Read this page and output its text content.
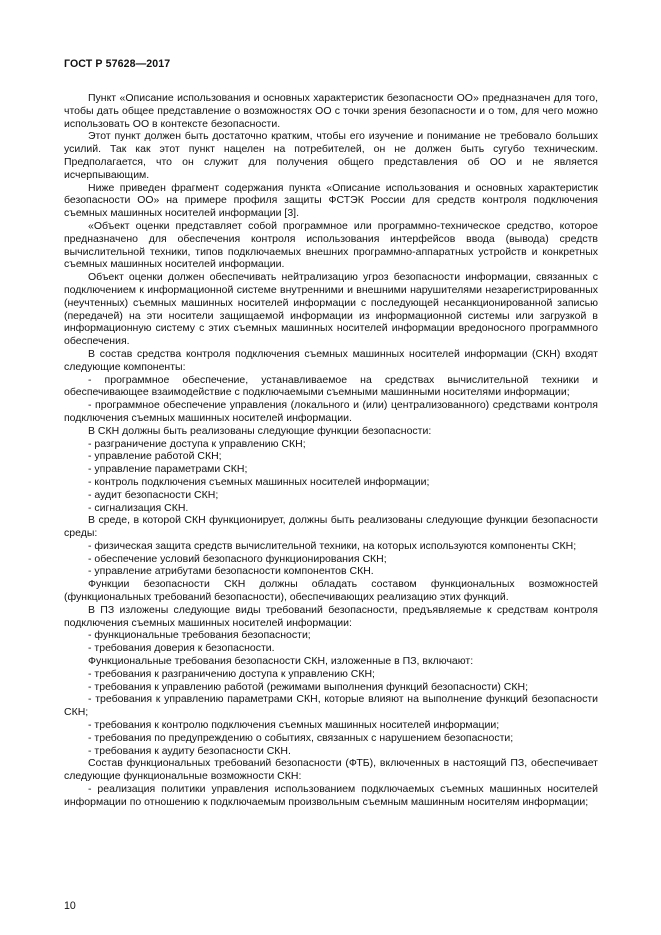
ГОСТ Р 57628—2017

Пункт «Описание использования и основных характеристик безопасности ОО» предназначен для того, чтобы дать общее представление о возможностях ОО с точки зрения безопасности и о том, для чего можно использовать ОО в контексте безопасности.

Этот пункт должен быть достаточно кратким, чтобы его изучение и понимание не требовало больших усилий. Так как этот пункт нацелен на потребителей, он не должен быть сугубо техническим. Предполагается, что он служит для получения общего представления об ОО и не является исчерпывающим.

Ниже приведен фрагмент содержания пункта «Описание использования и основных характеристик безопасности ОО» на примере профиля защиты ФСТЭК России для средств контроля подключения съемных машинных носителей информации [3].

«Объект оценки представляет собой программное или программно-техническое средство, которое предназначено для обеспечения контроля использования интерфейсов ввода (вывода) средств вычислительной техники, типов подключаемых внешних программно-аппаратных устройств и конкретных съемных машинных носителей информации.

Объект оценки должен обеспечивать нейтрализацию угроз безопасности информации, связанных с подключением к информационной системе внутренними и внешними нарушителями незарегистрированных (неучтенных) съемных машинных носителей информации с последующей несанкционированной записью (передачей) на эти носители защищаемой информации из информационной системы или загрузкой в информационную систему с этих съемных машинных носителей информации вредоносного программного обеспечения.

В состав средства контроля подключения съемных машинных носителей информации (СКН) входят следующие компоненты:

- программное обеспечение, устанавливаемое на средствах вычислительной техники и обеспечивающее взаимодействие с подключаемыми съемными машинными носителями информации;

- программное обеспечение управления (локального и (или) централизованного) средствами контроля подключения съемных машинных носителей информации.

В СКН должны быть реализованы следующие функции безопасности:

- разграничение доступа к управлению СКН;

- управление работой СКН;

- управление параметрами СКН;

- контроль подключения съемных машинных носителей информации;

- аудит безопасности СКН;

- сигнализация СКН.

В среде, в которой СКН функционирует, должны быть реализованы следующие функции безопасности среды:

- физическая защита средств вычислительной техники, на которых используются компоненты СКН;

- обеспечение условий безопасного функционирования СКН;

- управление атрибутами безопасности компонентов СКН.

Функции безопасности СКН должны обладать составом функциональных возможностей (функциональных требований безопасности), обеспечивающих реализацию этих функций.

В ПЗ изложены следующие виды требований безопасности, предъявляемые к средствам контроля подключения съемных машинных носителей информации:

- функциональные требования безопасности;

- требования доверия к безопасности.

Функциональные требования безопасности СКН, изложенные в ПЗ, включают:

- требования к разграничению доступа к управлению СКН;

- требования к управлению работой (режимами выполнения функций безопасности) СКН;

- требования к управлению параметрами СКН, которые влияют на выполнение функций безопасности СКН;

- требования к контролю подключения съемных машинных носителей информации;

- требования по предупреждению о событиях, связанных с нарушением безопасности;

- требования к аудиту безопасности СКН.

Состав функциональных требований безопасности (ФТБ), включенных в настоящий ПЗ, обеспечивает следующие функциональные возможности СКН:

- реализация политики управления использованием подключаемых съемных машинных носителей информации по отношению к подключаемым произвольным съемным машинным носителям информации;

10
